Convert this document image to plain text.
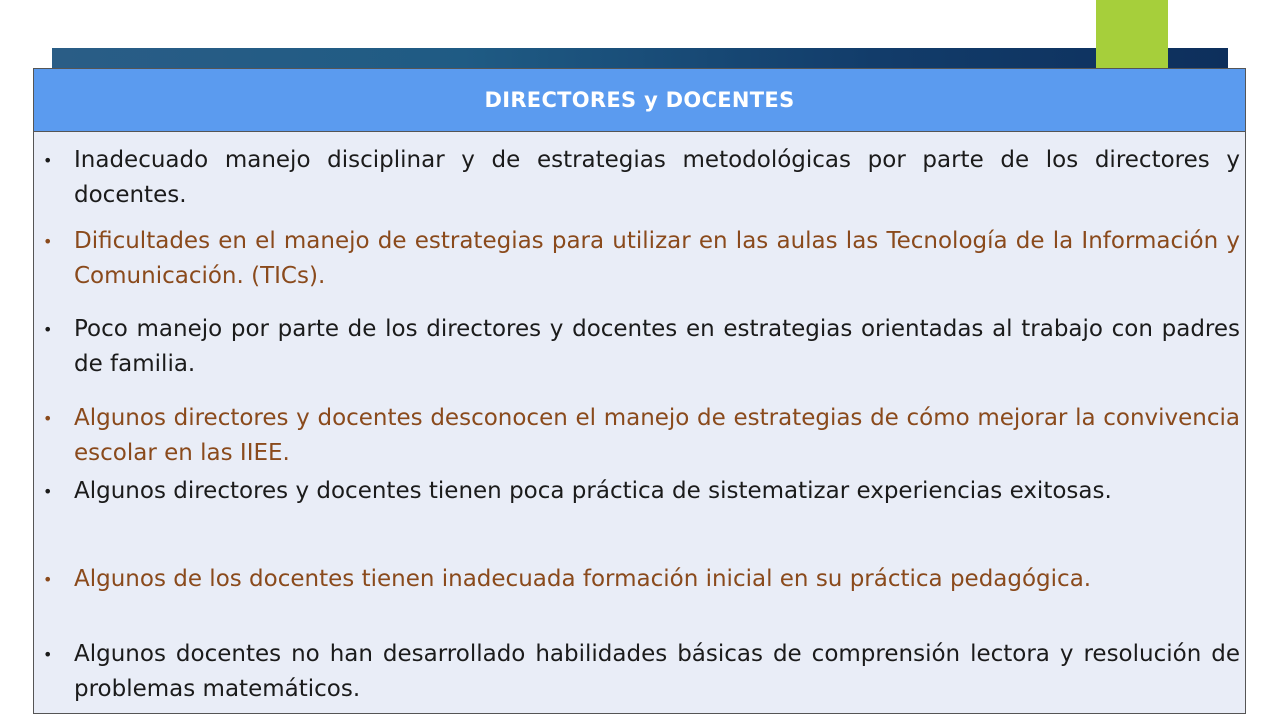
DIRECTORES y DOCENTES
• Inadecuado manejo disciplinar y de estrategias metodológicas por parte de los directores y docentes.
• Dificultades en el manejo de estrategias para utilizar en las aulas las Tecnología de la Información y Comunicación. (TICs).
• Poco manejo por parte de los directores y docentes en estrategias orientadas al trabajo con padres de familia.
• Algunos directores y docentes desconocen el manejo de estrategias de cómo mejorar la convivencia escolar en las IIEE.
• Algunos directores y docentes tienen poca práctica de sistematizar experiencias exitosas.
• Algunos de los docentes tienen inadecuada formación inicial en su práctica pedagógica.
• Algunos docentes no han desarrollado habilidades básicas de comprensión lectora y resolución de problemas matemáticos.
